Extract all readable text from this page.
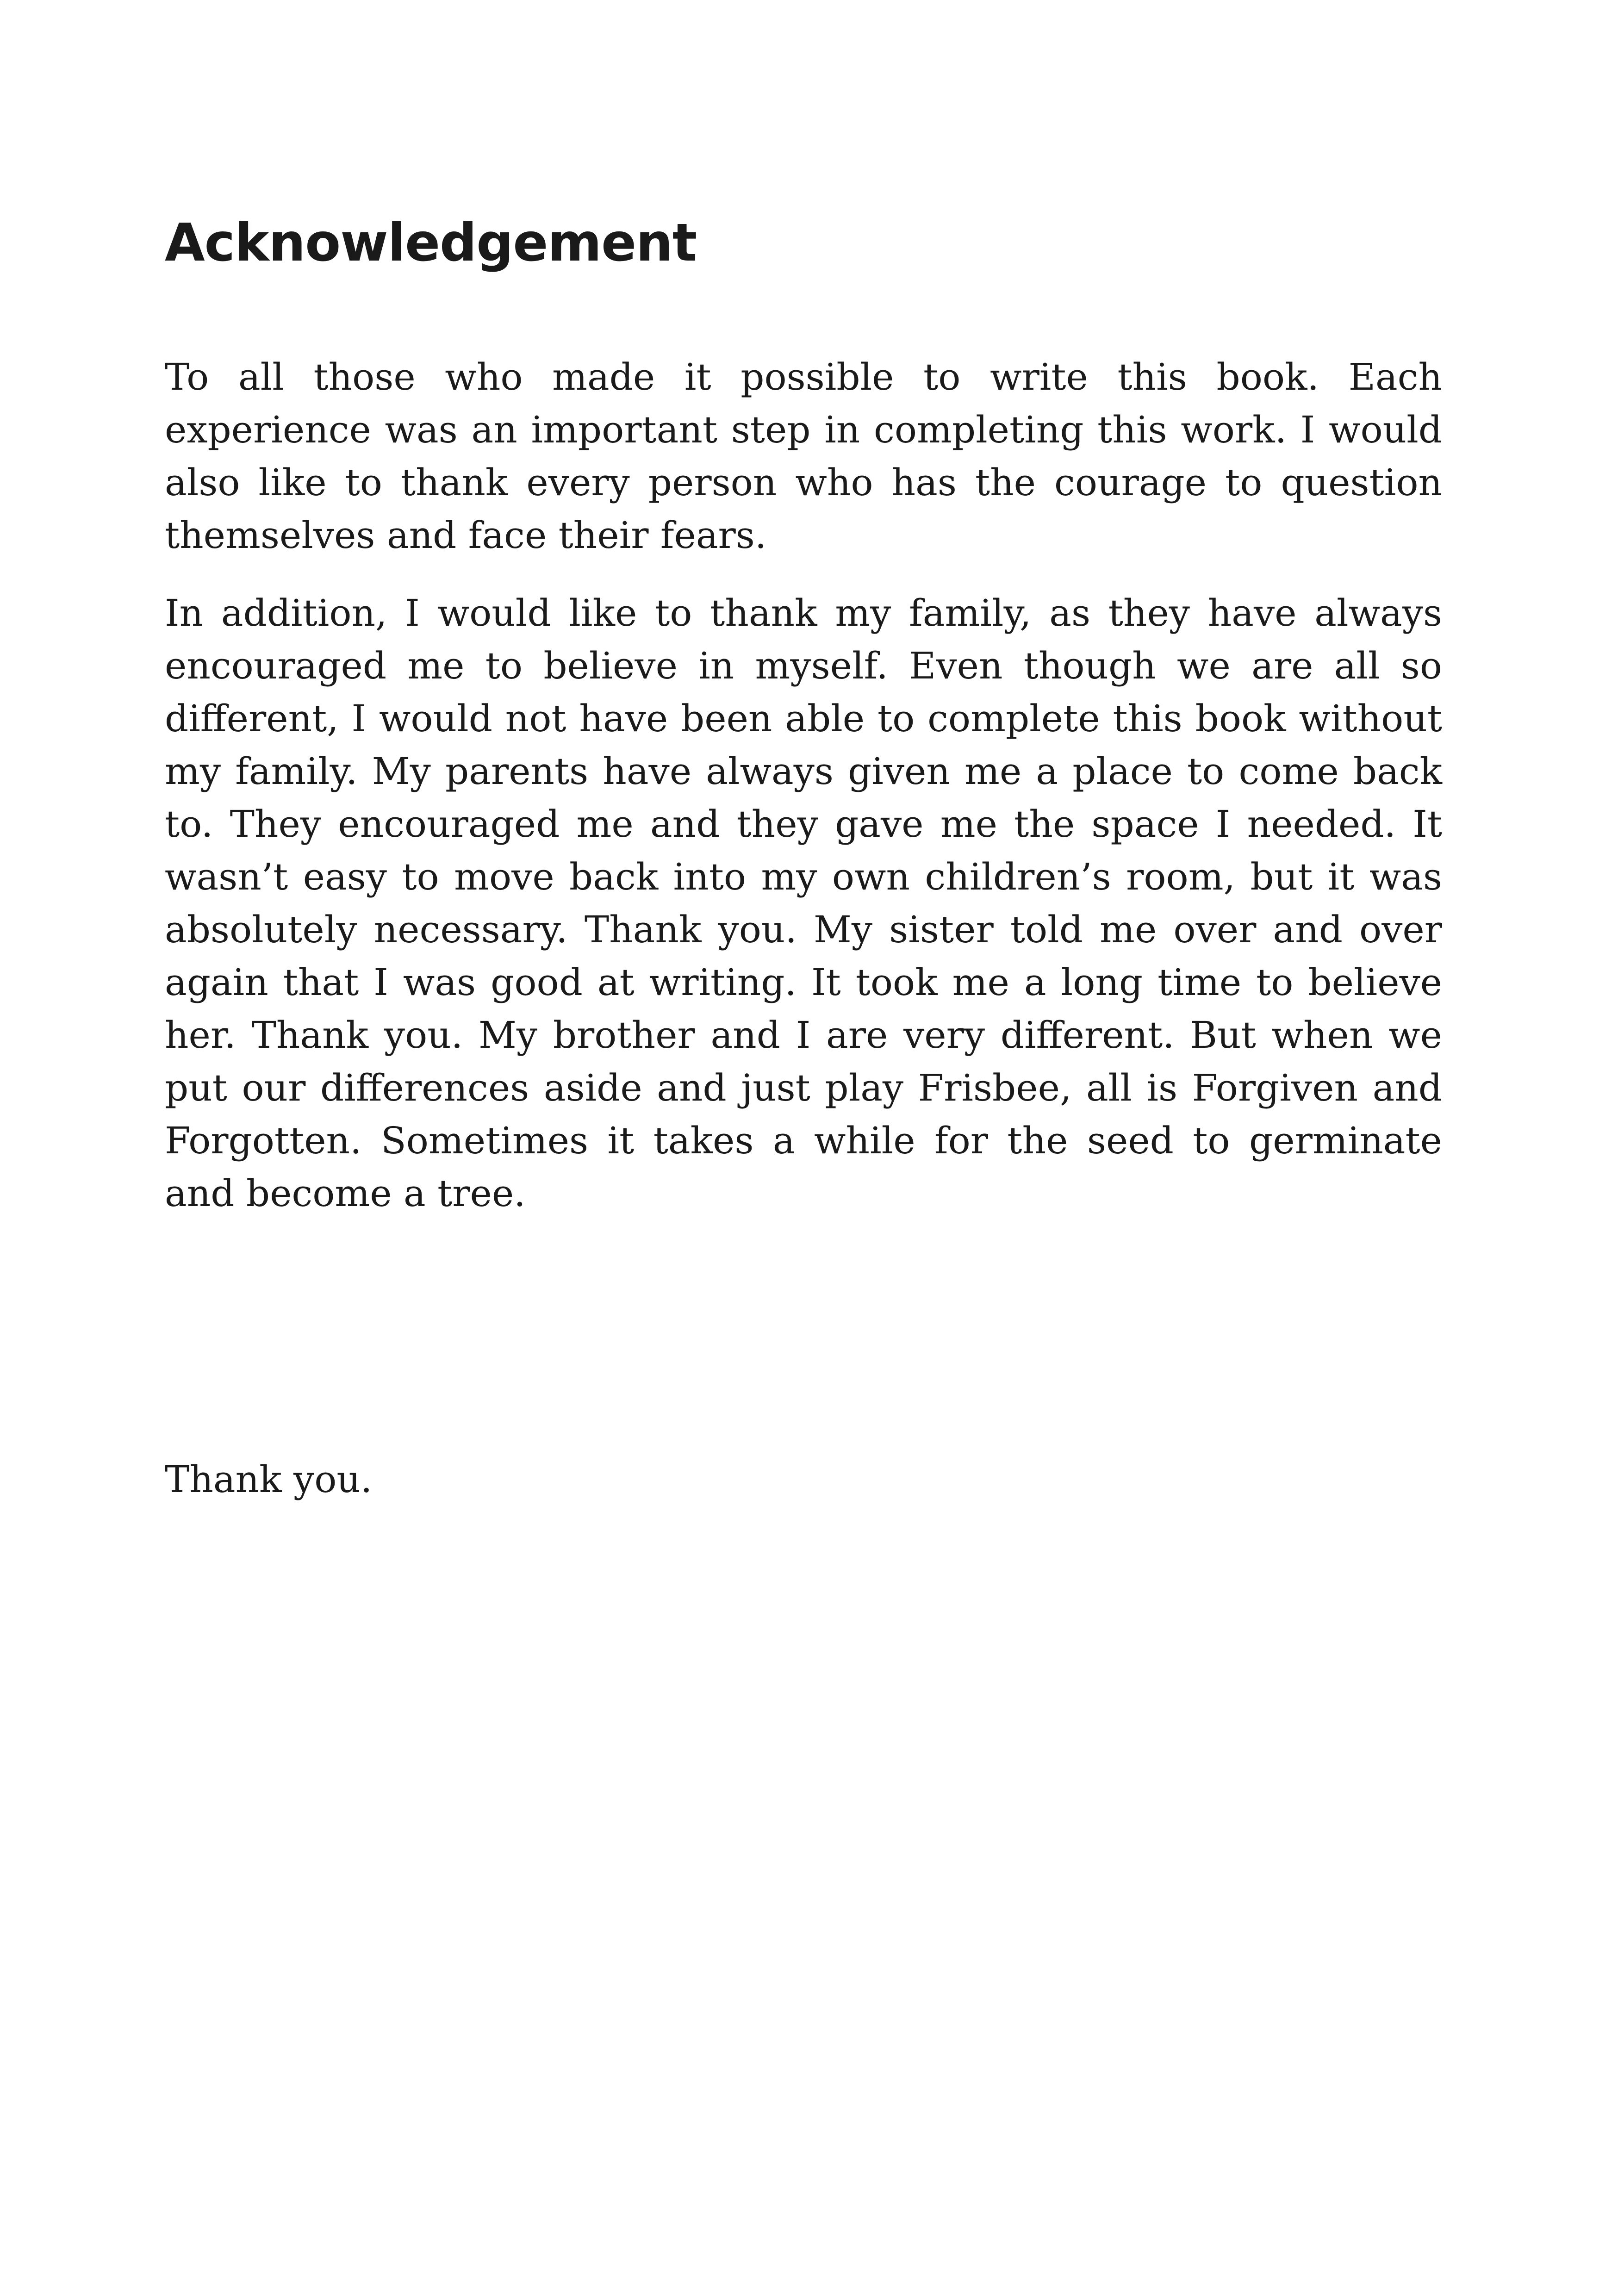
Acknowledgement

To all those who made it possible to write this book. Each experience was an important step in completing this work. I would also like to thank every person who has the courage to question themselves and face their fears.

In addition, I would like to thank my family, as they have always encouraged me to believe in myself. Even though we are all so different, I would not have been able to complete this book without my family. My parents have always given me a place to come back to. They encouraged me and they gave me the space I needed. It wasn’t easy to move back into my own children’s room, but it was absolutely necessary. Thank you. My sister told me over and over again that I was good at writing. It took me a long time to believe her. Thank you. My brother and I are very different. But when we put our differences aside and just play Frisbee, all is Forgiven and Forgotten. Sometimes it takes a while for the seed to germinate and become a tree.

Thank you.
